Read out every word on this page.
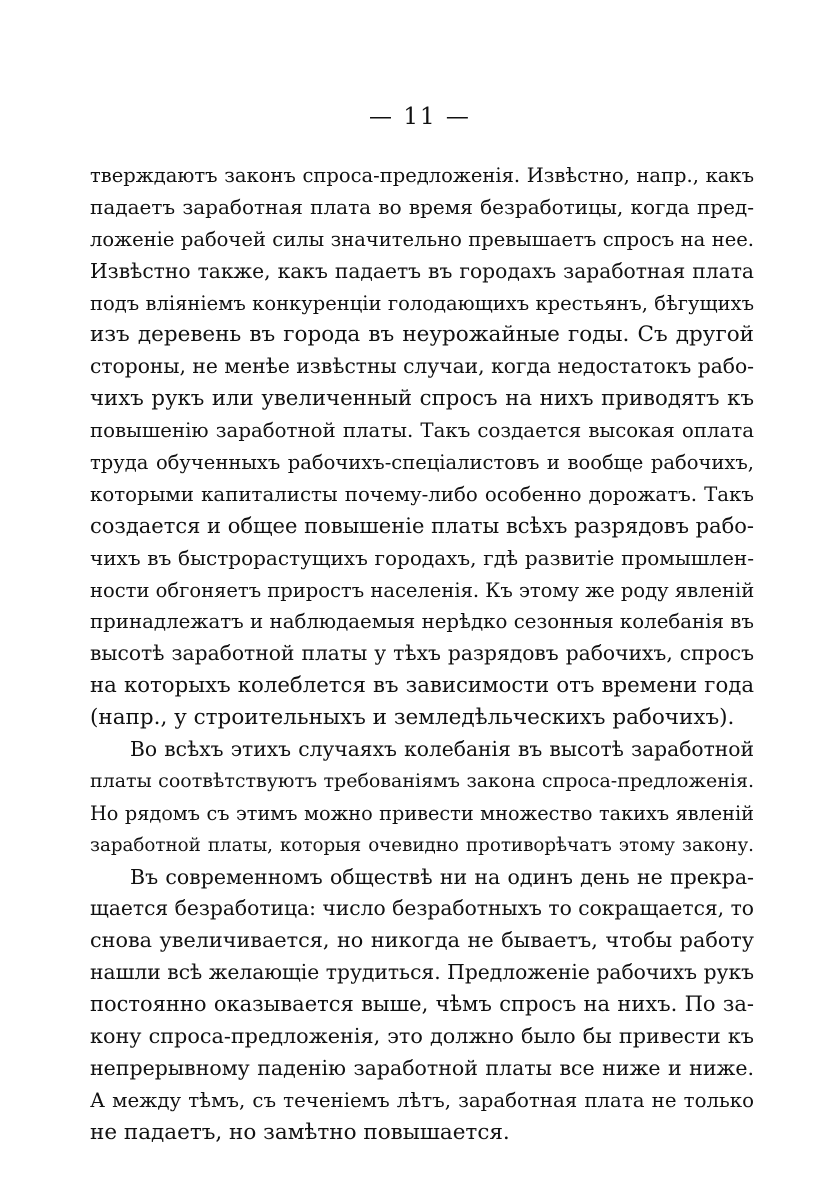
— 11 —
тверждаютъ законъ спроса-предложенія. Извѣстно, напр., какъ
падаетъ заработная плата во время безработицы, когда пред-
ложеніе рабочей силы значительно превышаетъ спросъ на нее.
Извѣстно также, какъ падаетъ въ городахъ заработная плата
подъ вліяніемъ конкуренціи голодающихъ крестьянъ, бѣгущихъ
изъ деревень въ города въ неурожайные годы. Съ другой
стороны, не менѣе извѣстны случаи, когда недостатокъ рабо-
чихъ рукъ или увеличенный спросъ на нихъ приводятъ къ
повышенію заработной платы. Такъ создается высокая оплата
труда обученныхъ рабочихъ-спеціалистовъ и вообще рабочихъ,
которыми капиталисты почему-либо особенно дорожатъ. Такъ
создается и общее повышеніе платы всѣхъ разрядовъ рабо-
чихъ въ быстрорастущихъ городахъ, гдѣ развитіе промышлен-
ности обгоняетъ приростъ населенія. Къ этому же роду явленій
принадлежатъ и наблюдаемыя нерѣдко сезонныя колебанія въ
высотѣ заработной платы у тѣхъ разрядовъ рабочихъ, спросъ
на которыхъ колеблется въ зависимости отъ времени года
(напр., у строительныхъ и земледѣльческихъ рабочихъ).
Во всѣхъ этихъ случаяхъ колебанія въ высотѣ заработной
платы соотвѣтствуютъ требованіямъ закона спроса-предложенія.
Но рядомъ съ этимъ можно привести множество такихъ явленій
заработной платы, которыя очевидно противорѣчатъ этому закону.
Въ современномъ обществѣ ни на одинъ день не прекра-
щается безработица: число безработныхъ то сокращается, то
снова увеличивается, но никогда не бываетъ, чтобы работу
нашли всѣ желающіе трудиться. Предложеніе рабочихъ рукъ
постоянно оказывается выше, чѣмъ спросъ на нихъ. По за-
кону спроса-предложенія, это должно было бы привести къ
непрерывному паденію заработной платы все ниже и ниже.
А между тѣмъ, съ теченіемъ лѣтъ, заработная плата не только
не падаетъ, но замѣтно повышается.
